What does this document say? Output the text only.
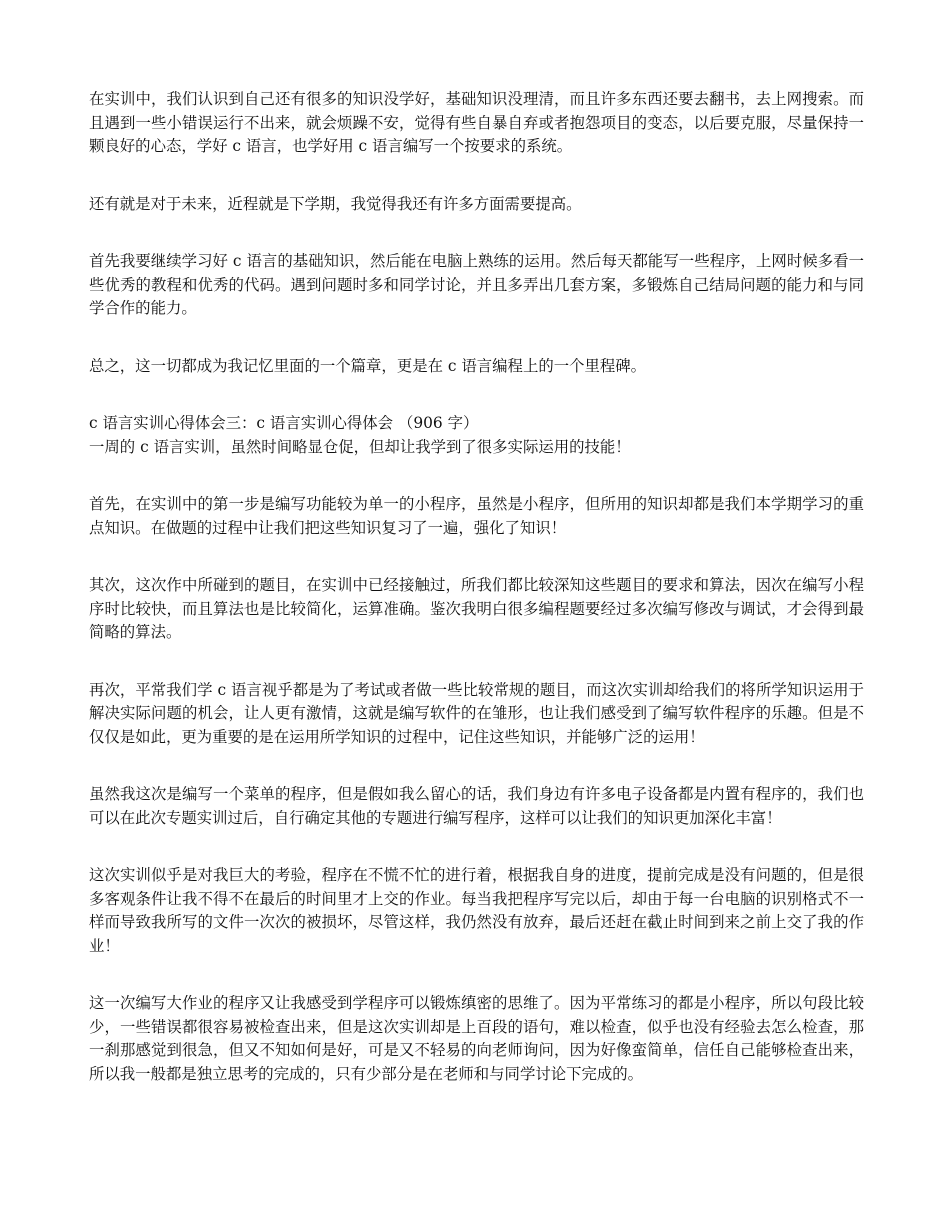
在实训中，我们认识到自己还有很多的知识没学好，基础知识没理清，而且许多东西还要去翻书，去上网搜索。而且遇到一些小错误运行不出来，就会烦躁不安，觉得有些自暴自弃或者抱怨项目的变态，以后要克服，尽量保持一颗良好的心态，学好 c 语言，也学好用 c 语言编写一个按要求的系统。

还有就是对于未来，近程就是下学期，我觉得我还有许多方面需要提高。

首先我要继续学习好 c 语言的基础知识，然后能在电脑上熟练的运用。然后每天都能写一些程序，上网时候多看一些优秀的教程和优秀的代码。遇到问题时多和同学讨论，并且多弄出几套方案，多锻炼自己结局问题的能力和与同学合作的能力。

总之，这一切都成为我记忆里面的一个篇章，更是在 c 语言编程上的一个里程碑。

c 语言实训心得体会三：c 语言实训心得体会 （906 字）

一周的 c 语言实训，虽然时间略显仓促，但却让我学到了很多实际运用的技能！

首先，在实训中的第一步是编写功能较为单一的小程序，虽然是小程序，但所用的知识却都是我们本学期学习的重点知识。在做题的过程中让我们把这些知识复习了一遍，强化了知识！

其次，这次作中所碰到的题目，在实训中已经接触过，所我们都比较深知这些题目的要求和算法，因次在编写小程序时比较快，而且算法也是比较简化，运算准确。鉴次我明白很多编程题要经过多次编写修改与调试，才会得到最简略的算法。

再次，平常我们学 c 语言视乎都是为了考试或者做一些比较常规的题目，而这次实训却给我们的将所学知识运用于解决实际问题的机会，让人更有激情，这就是编写软件的在雏形，也让我们感受到了编写软件程序的乐趣。但是不仅仅是如此，更为重要的是在运用所学知识的过程中，记住这些知识，并能够广泛的运用！

虽然我这次是编写一个菜单的程序，但是假如我么留心的话，我们身边有许多电子设备都是内置有程序的，我们也可以在此次专题实训过后，自行确定其他的专题进行编写程序，这样可以让我们的知识更加深化丰富！

这次实训似乎是对我巨大的考验，程序在不慌不忙的进行着，根据我自身的进度，提前完成是没有问题的，但是很多客观条件让我不得不在最后的时间里才上交的作业。每当我把程序写完以后，却由于每一台电脑的识别格式不一样而导致我所写的文件一次次的被损坏，尽管这样，我仍然没有放弃，最后还赶在截止时间到来之前上交了我的作业！

这一次编写大作业的程序又让我感受到学程序可以锻炼缜密的思维了。因为平常练习的都是小程序，所以句段比较少，一些错误都很容易被检查出来，但是这次实训却是上百段的语句，难以检查，似乎也没有经验去怎么检查，那一刹那感觉到很急，但又不知如何是好，可是又不轻易的向老师询问，因为好像蛮简单，信任自己能够检查出来，所以我一般都是独立思考的完成的，只有少部分是在老师和与同学讨论下完成的。
